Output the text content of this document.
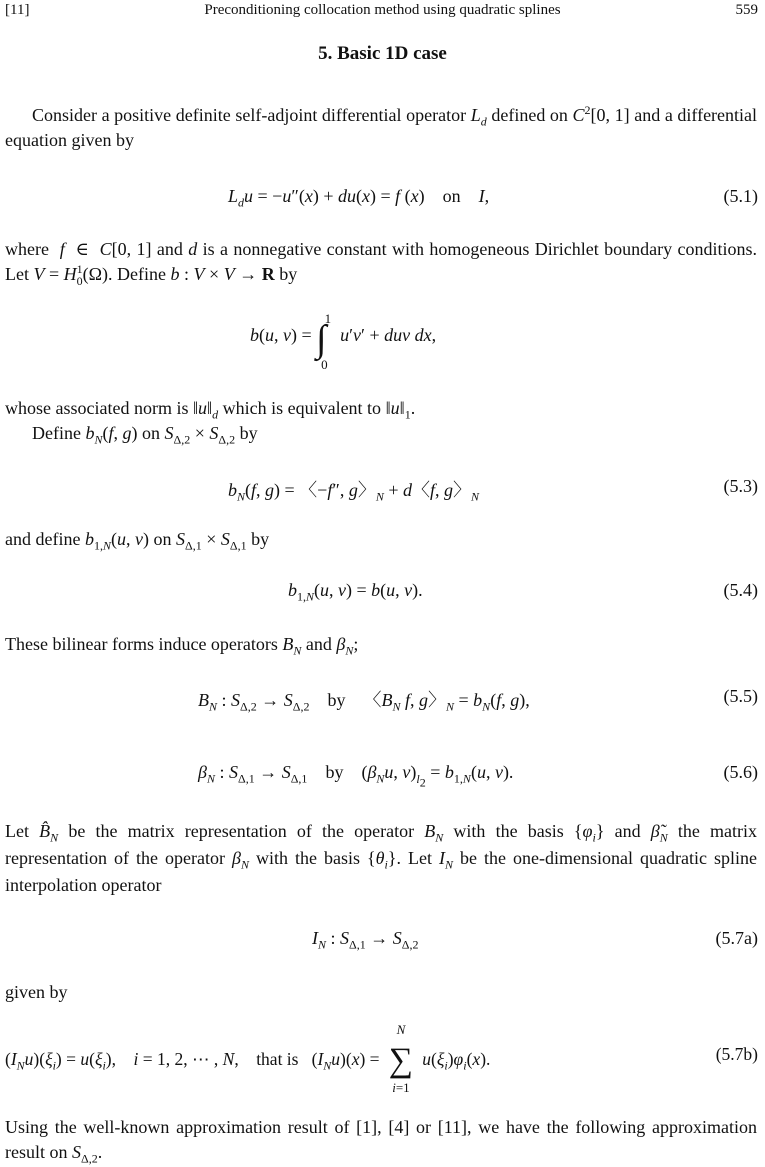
[11]	Preconditioning collocation method using quadratic splines	559
5. Basic 1D case
Consider a positive definite self-adjoint differential operator $L_d$ defined on $C^2[0$, 1] and a differential equation given by
$L_du = -u''(x) + du(x) = f$ (x)    on I,	(5.1)
where f  ∈  C[0, 1] and d is a nonnegative constant with homogeneous Dirichlet boundary conditions. Let $V = H^1_0(\Omega)$. Define b : V × V → R by
b(u, v) = ∫$^1_0$ u′v′ + duv dx,
whose associated norm is $‖u‖_d$ which is equivalent to $‖u‖_1$.
Define $b_N(f$, g) on $S_{\Delta,2} \times S_{\Delta,2}$ by
$b_N(f$, g) = 〈−f″, g〉$_N$ + d〈f, g〉$_N$
(5.3)
and define $b_{1,N}(u$, v) on $S_{\Delta,1} \times S_{\Delta,1}$ by
$b_{1,N}(u$, v) = b(u, v).	(5.4)
These bilinear forms induce operators $B_N$ and $\beta_N$;
$B_N$ : $S_{\Delta,2} \to S_{\Delta,2}$ by    〈$B_N$ f, g〉$_N = b_N(f$, g),	(5.5)
$\beta_N$ : $S_{\Delta,1} \to S_{\Delta,1}$ by    ($\beta_Nu$, $v)_{l_2} = b_{1,N}(u$, v).	(5.6)
Let $B̂_N$ be the matrix representation of the operator $B_N$ with the basis $\{\varphi_i\}$ and $\betã_N$ the matrix representation of the operator $\beta_N$ with the basis $\{\theta_i\}$. Let $I_N$ be the one-dimensional quadratic spline interpolation operator
$I_N$ : $S_{\Delta,1} \to S_{\Delta,2}$	(5.7a)
given by
$(I_Nu)(\xi_i) = u(\xi_i)$,    i = 1, 2, ⋯ , N,    that is   $(I_Nu)(x)$ =
N
∑
i=1
$u(\xi_i)\varphi_i(x)$.	(5.7b)
Using the well-known approximation result of [1], [4] or [11], we have the following approximation result on $S_{\Delta,2}$.
